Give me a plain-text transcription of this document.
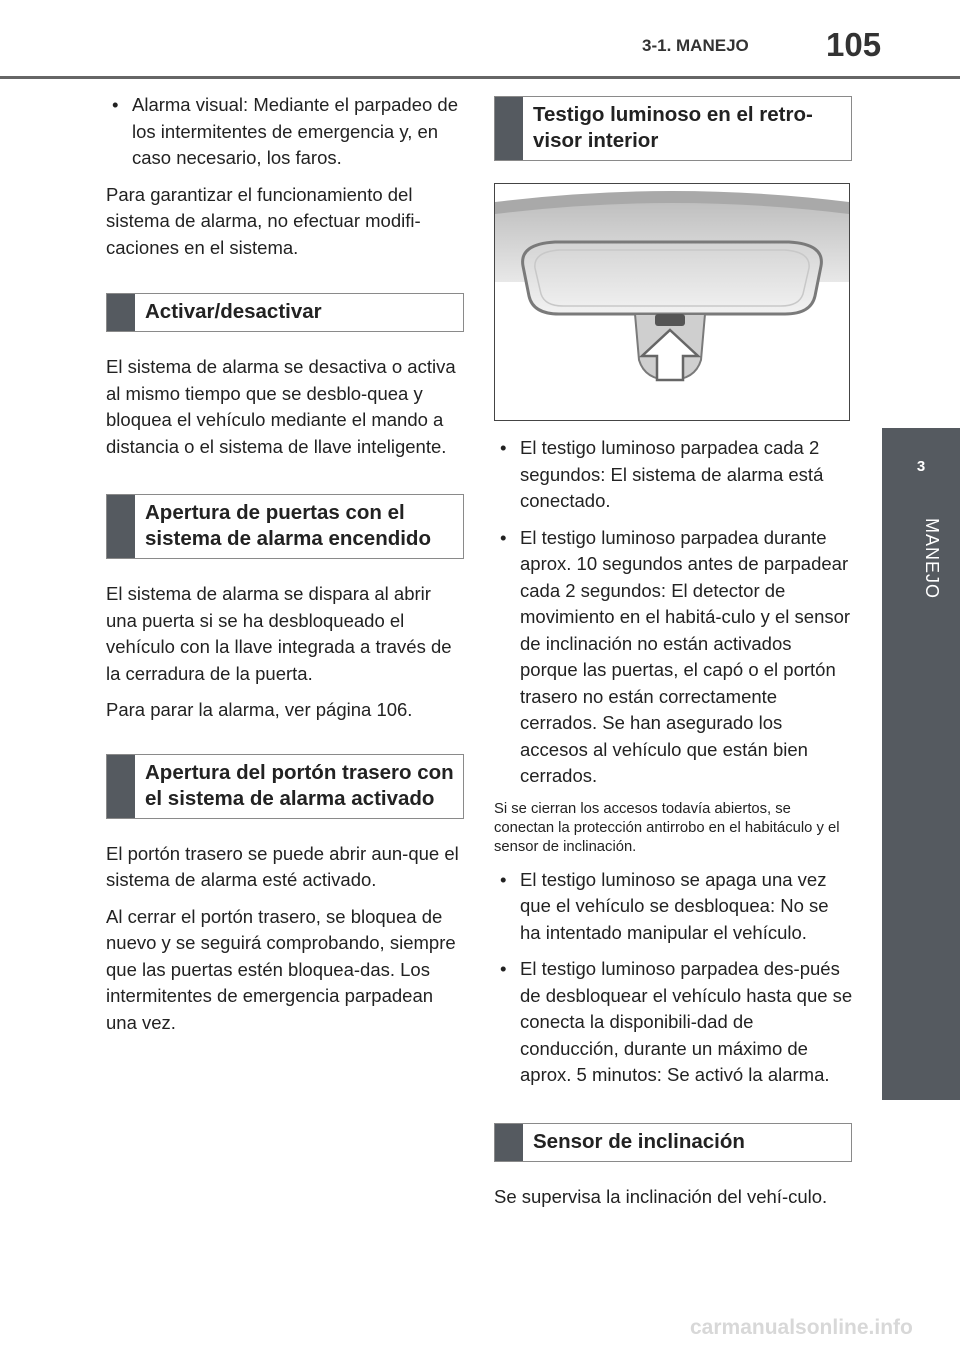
3-1. MANEJO 105
3
MANEJO

• Alarma visual: Mediante el parpadeo de los intermitentes de emergencia y, en caso necesario, los faros.

Para garantizar el funcionamiento del sistema de alarma, no efectuar modifi-caciones en el sistema.

Activar/desactivar

El sistema de alarma se desactiva o activa al mismo tiempo que se desblo-quea y bloquea el vehículo mediante el mando a distancia o el sistema de llave inteligente.

Apertura de puertas con el sistema de alarma encendido

El sistema de alarma se dispara al abrir una puerta si se ha desbloqueado el vehículo con la llave integrada a través de la cerradura de la puerta.

Para parar la alarma, ver página 106.

Apertura del portón trasero con el sistema de alarma activado

El portón trasero se puede abrir aun-que el sistema de alarma esté activado.

Al cerrar el portón trasero, se bloquea de nuevo y se seguirá comprobando, siempre que las puertas estén bloquea-das. Los intermitentes de emergencia parpadean una vez.

Testigo luminoso en el retro-visor interior

• El testigo luminoso parpadea cada 2 segundos: El sistema de alarma está conectado.

• El testigo luminoso parpadea durante aprox. 10 segundos antes de parpadear cada 2 segundos: El detector de movimiento en el habitá-culo y el sensor de inclinación no están activados porque las puertas, el capó o el portón trasero no están correctamente cerrados. Se han asegurado los accesos al vehículo que están bien cerrados.

Si se cierran los accesos todavía abiertos, se conectan la protección antirrobo en el habitáculo y el sensor de inclinación.

• El testigo luminoso se apaga una vez que el vehículo se desbloquea: No se ha intentado manipular el vehículo.

• El testigo luminoso parpadea des-pués de desbloquear el vehículo hasta que se conecta la disponibili-dad de conducción, durante un máximo de aprox. 5 minutos: Se activó la alarma.

Sensor de inclinación

Se supervisa la inclinación del vehí-culo.

carmanualsonline.info
